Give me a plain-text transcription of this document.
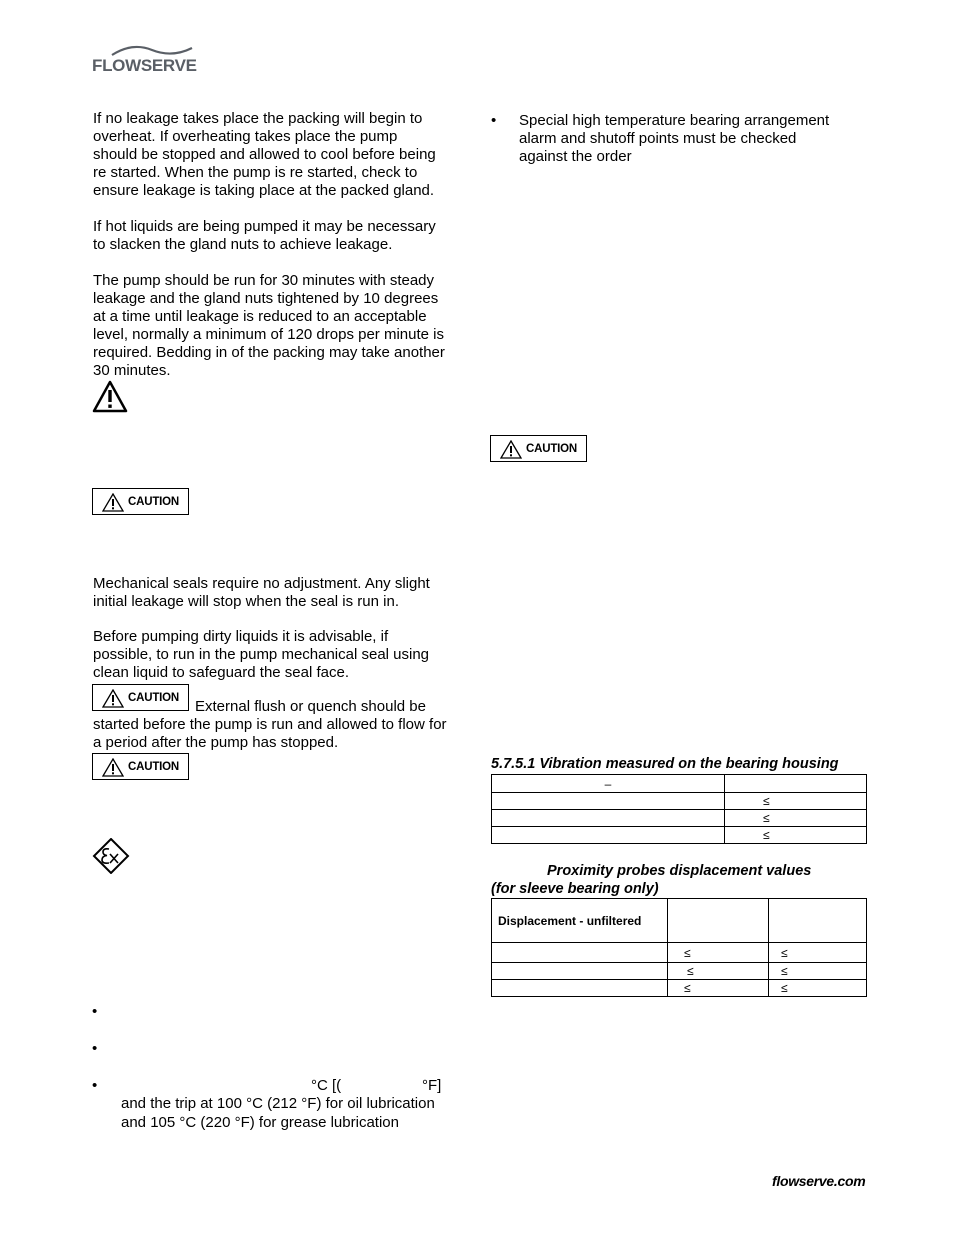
FLOWSERVE

If no leakage takes place the packing will begin to

overheat. If overheating takes place the pump

should be stopped and allowed to cool before being

re started. When the pump is re started, check to

ensure leakage is taking place at the packed gland.

If hot liquids are being pumped it may be necessary

to slacken the gland nuts to achieve leakage.

The pump should be run for 30 minutes with steady

leakage and the gland nuts tightened by 10 degrees

at a time until leakage is reduced to an acceptable

level, normally a minimum of 120 drops per minute is

required. Bedding in of the packing may take another

30 minutes.

CAUTION

Mechanical seals require no adjustment. Any slight

initial leakage will stop when the seal is run in.

Before pumping dirty liquids it is advisable, if

possible, to run in the pump mechanical seal using

clean liquid to safeguard the seal face.

CAUTION External flush or quench should be

started before the pump is run and allowed to flow for

a period after the pump has stopped.

CAUTION
•
•
•	°C [(	°F]

and the trip at 100 °C (212 °F) for oil lubrication

and 105 °C (220 °F) for grease lubrication

• Special high temperature bearing arrangement

alarm and shutoff points must be checked

against the order

CAUTION
5.7.5.1 Vibration measured on the bearing housing
–	
	≤
	≤
	≤
Proximity probes displacement values
(for sleeve bearing only)
Displacement - unfiltered		
	≤	≤
	≤	≤
	≤	≤
flowserve.com
